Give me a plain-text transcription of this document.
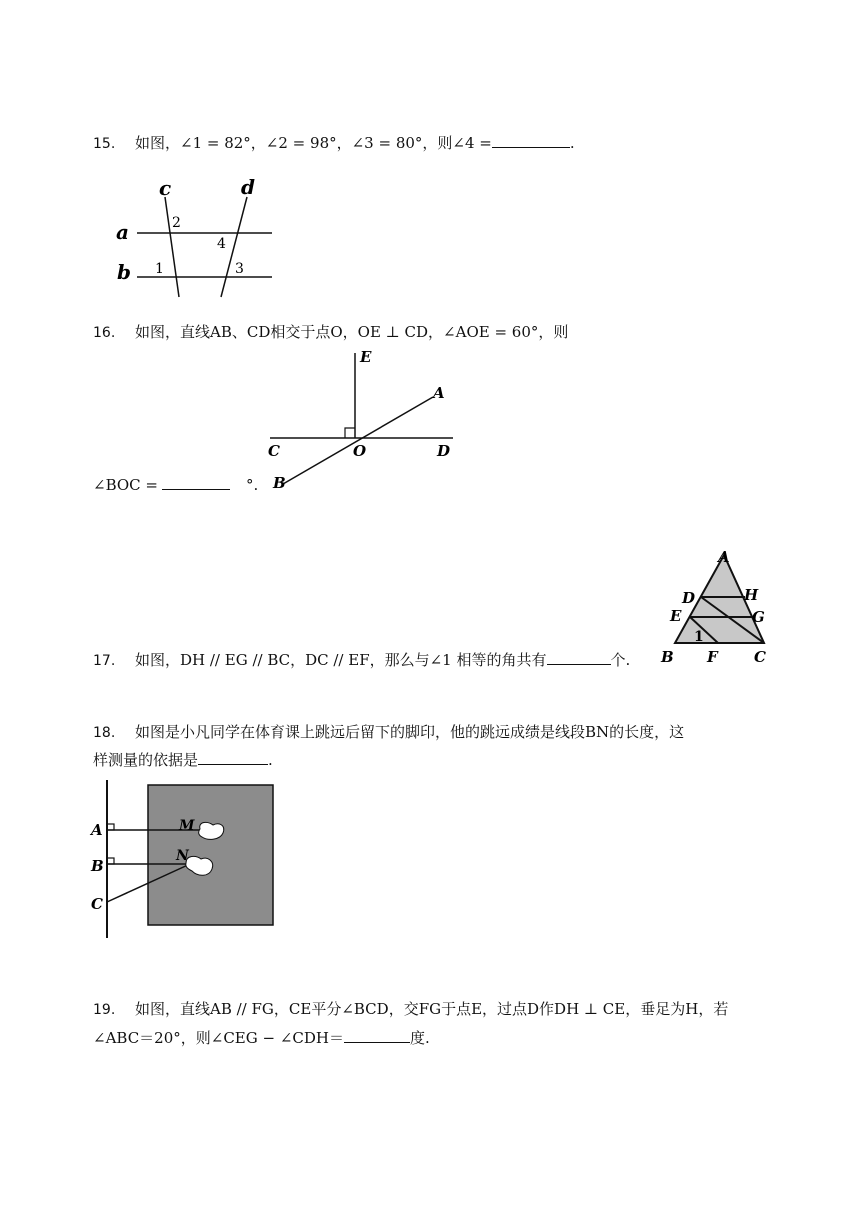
15. 如图，∠1 = 82°，∠2 = 98°，∠3 = 80°，则∠4 =	.
c	d
a
b
2
4
1	3
16. 如图，直线AB、CD相交于点O，OE ⊥ CD，∠AOE = 60°，则
E
A
C	O	D
B
∠BOC =	°.
17. 如图，DH // EG // BC，DC // EF，那么与∠1 相等的角共有	个.
A
D	H
E	G
1
B F C
18. 如图是小凡同学在体育课上跳远后留下的脚印，他的跳远成绩是线段BN的长度，这
样测量的依据是	.
A
B
C
M
N
19. 如图，直线AB // FG，CE平分∠BCD，交FG于点E，过点D作DH ⊥ CE，垂足为H，若
∠ABC＝20°，则∠CEG − ∠CDH＝	度.
